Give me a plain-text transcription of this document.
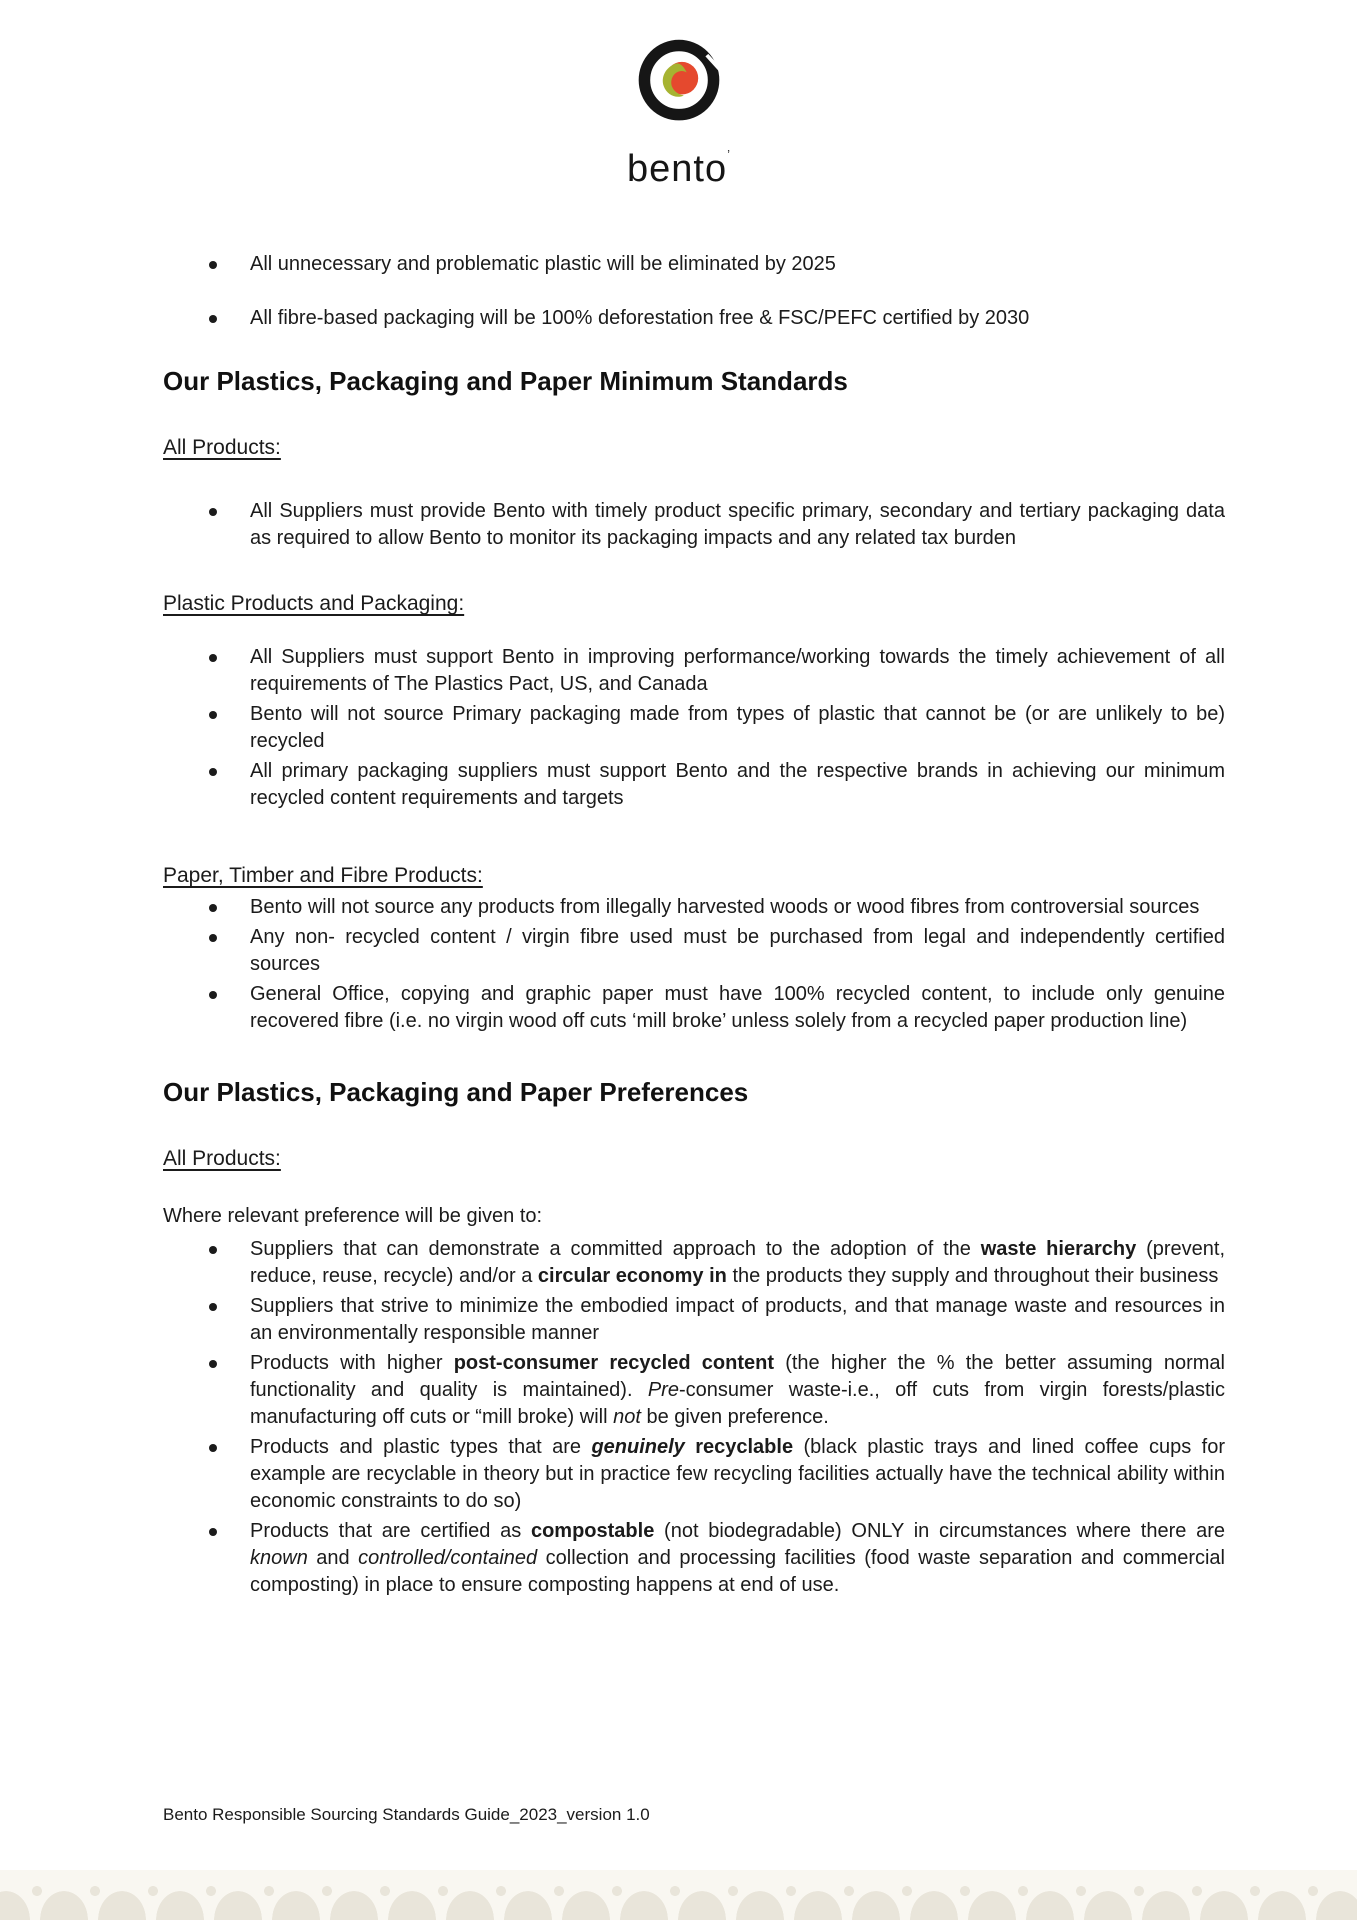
bento’
All unnecessary and problematic plastic will be eliminated by 2025
All fibre-based packaging will be 100% deforestation free & FSC/PEFC certified by 2030
Our Plastics, Packaging and Paper Minimum Standards
All Products:
All Suppliers must provide Bento with timely product specific primary, secondary and tertiary packaging data as required to allow Bento to monitor its packaging impacts and any related tax burden
Plastic Products and Packaging:
All Suppliers must support Bento in improving performance/working towards the timely achievement of all requirements of The Plastics Pact, US, and Canada
Bento will not source Primary packaging made from types of plastic that cannot be (or are unlikely to be) recycled
All primary packaging suppliers must support Bento and the respective brands in achieving our minimum recycled content requirements and targets
Paper, Timber and Fibre Products:
Bento will not source any products from illegally harvested woods or wood fibres from controversial sources
Any non- recycled content / virgin fibre used must be purchased from legal and independently certified sources
General Office, copying and graphic paper must have 100% recycled content, to include only genuine recovered fibre (i.e. no virgin wood off cuts ‘mill broke’ unless solely from a recycled paper production line)
Our Plastics, Packaging and Paper Preferences
All Products:
Where relevant preference will be given to:
Suppliers that can demonstrate a committed approach to the adoption of the waste hierarchy (prevent, reduce, reuse, recycle) and/or a circular economy in the products they supply and throughout their business
Suppliers that strive to minimize the embodied impact of products, and that manage waste and resources in an environmentally responsible manner
Products with higher post-consumer recycled content (the higher the % the better assuming normal functionality and quality is maintained). Pre-consumer waste-i.e., off cuts from virgin forests/plastic manufacturing off cuts or “mill broke) will not be given preference.
Products and plastic types that are genuinely recyclable (black plastic trays and lined coffee cups for example are recyclable in theory but in practice few recycling facilities actually have the technical ability within economic constraints to do so)
Products that are certified as compostable (not biodegradable) ONLY in circumstances where there are known and controlled/contained collection and processing facilities (food waste separation and commercial composting) in place to ensure composting happens at end of use.
Bento Responsible Sourcing Standards Guide_2023_version 1.0
